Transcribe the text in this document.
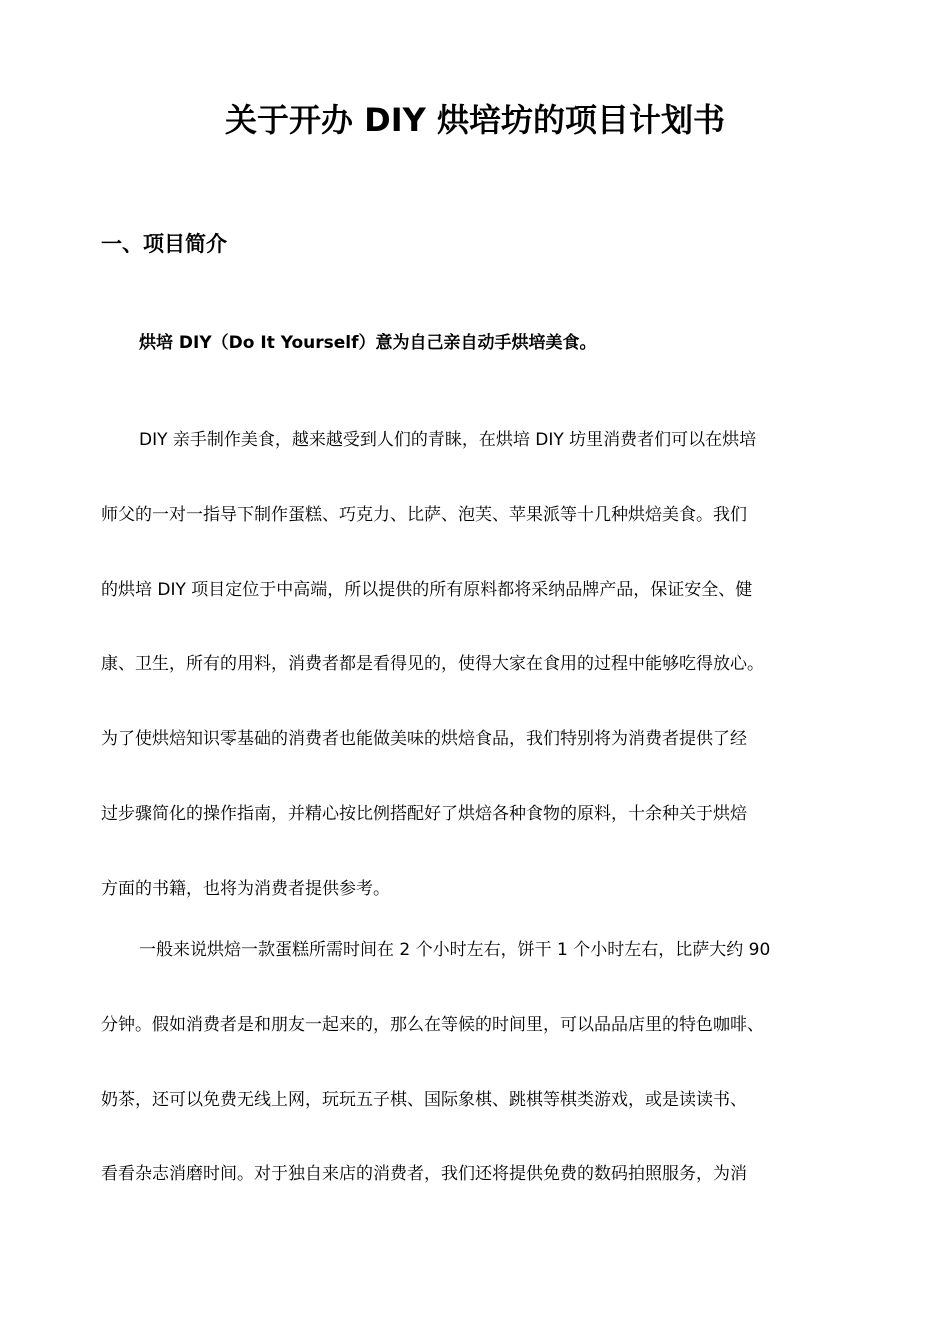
关于开办 DIY 烘培坊的项目计划书
一、项目简介

烘培 DIY（Do It Yourself）意为自己亲自动手烘培美食。

DIY 亲手制作美食，越来越受到人们的青睐，在烘培 DIY 坊里消费者们可以在烘培
师父的一对一指导下制作蛋糕、巧克力、比萨、泡芙、苹果派等十几种烘焙美食。我们
的烘培 DIY 项目定位于中高端，所以提供的所有原料都将采纳品牌产品，保证安全、健
康、卫生，所有的用料，消费者都是看得见的，使得大家在食用的过程中能够吃得放心。
为了使烘焙知识零基础的消费者也能做美味的烘焙食品，我们特别将为消费者提供了经
过步骤简化的操作指南，并精心按比例搭配好了烘焙各种食物的原料，十余种关于烘焙
方面的书籍，也将为消费者提供参考。
一般来说烘焙一款蛋糕所需时间在 2 个小时左右，饼干 1 个小时左右，比萨大约 90
分钟。假如消费者是和朋友一起来的，那么在等候的时间里，可以品品店里的特色咖啡、
奶茶，还可以免费无线上网，玩玩五子棋、国际象棋、跳棋等棋类游戏，或是读读书、
看看杂志消磨时间。对于独自来店的消费者，我们还将提供免费的数码拍照服务，为消
